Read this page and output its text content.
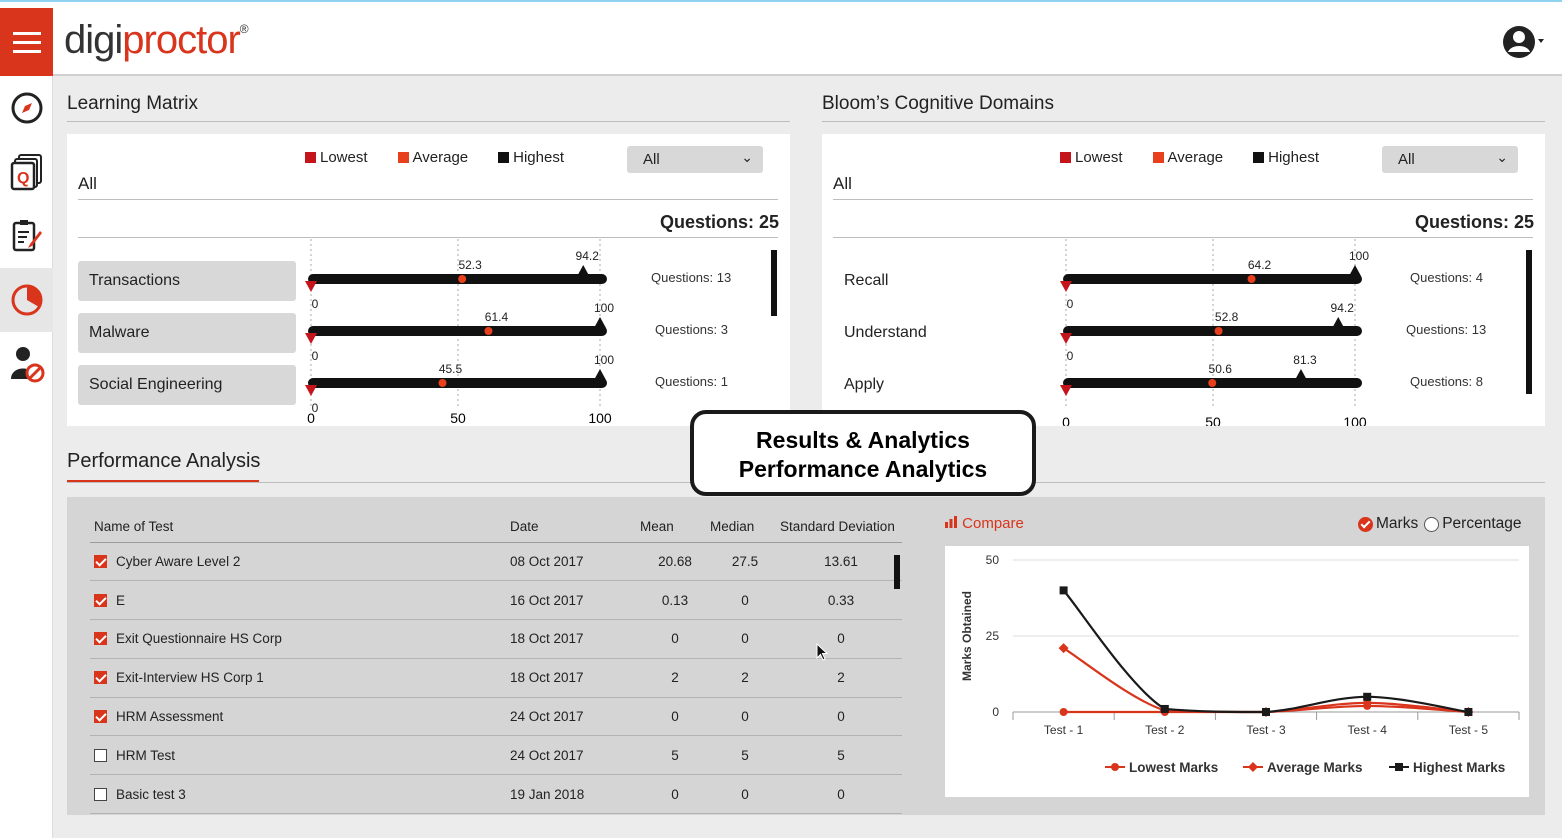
digiproctor®
Q
Learning Matrix
Lowest	Average	Highest	All	⌄
All
Questions: 25
Transactions
Malware
Social Engineering
0
52.3
94.2
0
61.4
100
0
45.5
100
0	50	100
Questions: 13
Questions: 3
Questions: 1
Bloom’s Cognitive Domains
Lowest	Average	Highest	All	⌄
All
Questions: 25
Recall
Understand
Apply
0
64.2
100
0
52.8
94.2
50.6
81.3
0	50	100
Questions: 4
Questions: 13
Questions: 8
Performance Analysis
Name of Test	Date	Mean	Median	Standard Deviation
Cyber Aware Level 2	08 Oct 2017	20.68	27.5	13.61
E	16 Oct 2017	0.13	0	0.33
Exit Questionnaire HS Corp	18 Oct 2017	0	0	0
Exit-Interview HS Corp 1	18 Oct 2017	2	2	2
HRM Assessment	24 Oct 2017	0	0	0
HRM Test	24 Oct 2017	5	5	5
Basic test 3	19 Jan 2018	0	0	0
Compare	Marks Percentage
0
25
50
Test - 1	Test - 2	Test - 3	Test - 4	Test - 5
Marks Obtained
Lowest Marks	Average Marks	Highest Marks
Results & Analytics
Performance Analytics
